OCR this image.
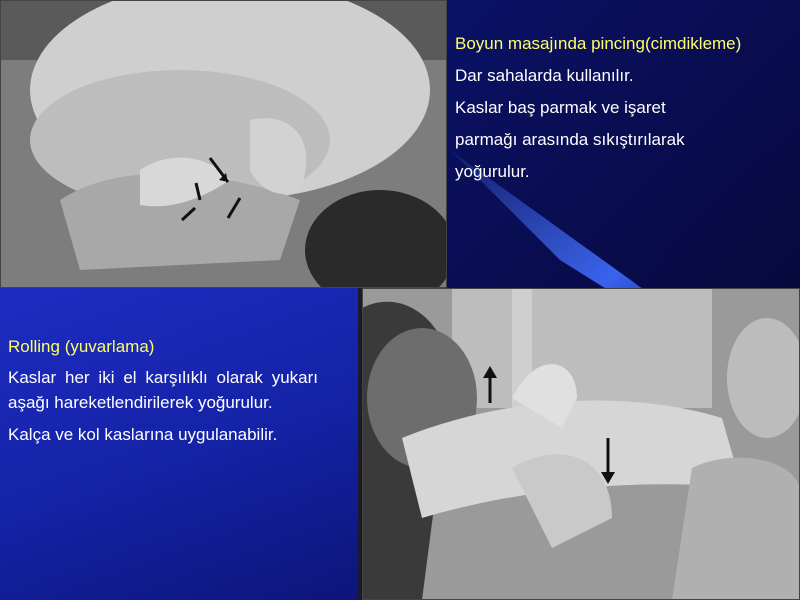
Boyun masajında pincing(cimdikleme)
Dar sahalarda kullanılır.
Kaslar baş parmak ve işaret
parmağı arasında sıkıştırılarak
yoğurulur.
Rolling (yuvarlama)

Kaslar her iki el karşılıklı olarak yukarı aşağı hareketlendirilerek yoğurulur.

Kalça ve kol kaslarına uygulanabilir.
